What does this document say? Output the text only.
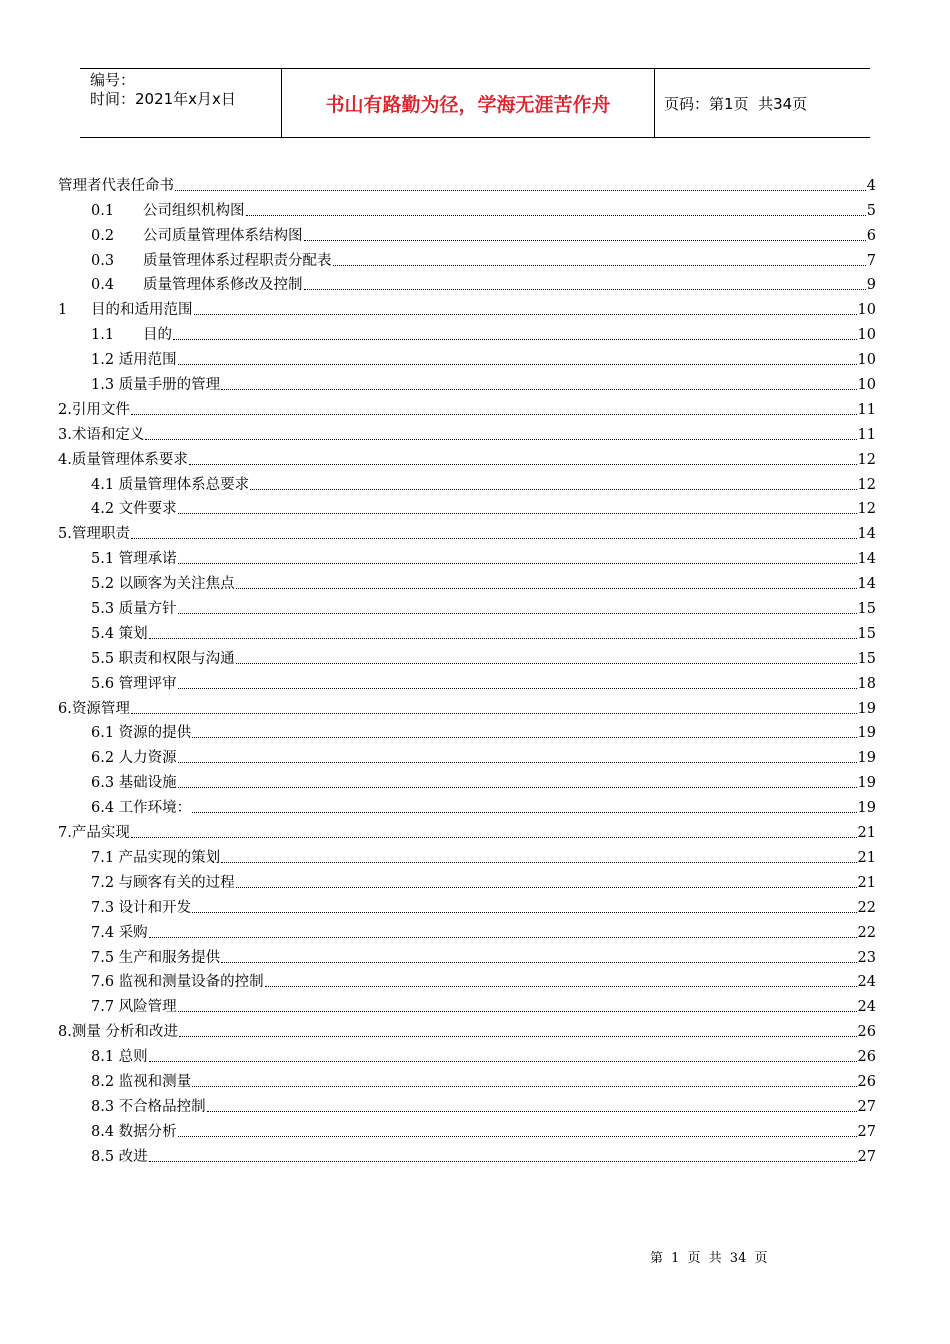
编号：
时间：2021年x月x日	书山有路勤为径，学海无涯苦作舟	页码：第1页  共34页
管理者代表任命书	4
0.1	公司组织机构图	5
0.2	公司质量管理体系结构图	6
0.3	质量管理体系过程职责分配表	7
0.4	质量管理体系修改及控制	9
1	目的和适用范围	10
1.1	目的	10
1.2 适用范围	10
1.3 质量手册的管理	10
2. 引用文件	11
3. 术语和定义	11
4. 质量管理体系要求	12
4.1 质量管理体系总要求	12
4.2 文件要求	12
5. 管理职责	14
5.1 管理承诺	14
5.2 以顾客为关注焦点	14
5.3 质量方针	15
5.4 策划	15
5.5 职责和权限与沟通	15
5.6 管理评审	18
6. 资源管理	19
6.1 资源的提供	19
6.2 人力资源	19
6.3 基础设施	19
6.4 工作环境：	19
7. 产品实现	21
7.1 产品实现的策划	21
7.2 与顾客有关的过程	21
7.3 设计和开发	22
7.4 采购	22
7.5 生产和服务提供	23
7.6 监视和测量设备的控制	24
7.7 风险管理	24
8. 测量 分析和改进	26
8.1 总则	26
8.2 监视和测量	26
8.3 不合格品控制	27
8.4 数据分析	27
8.5 改进	27
第 1 页 共 34 页
